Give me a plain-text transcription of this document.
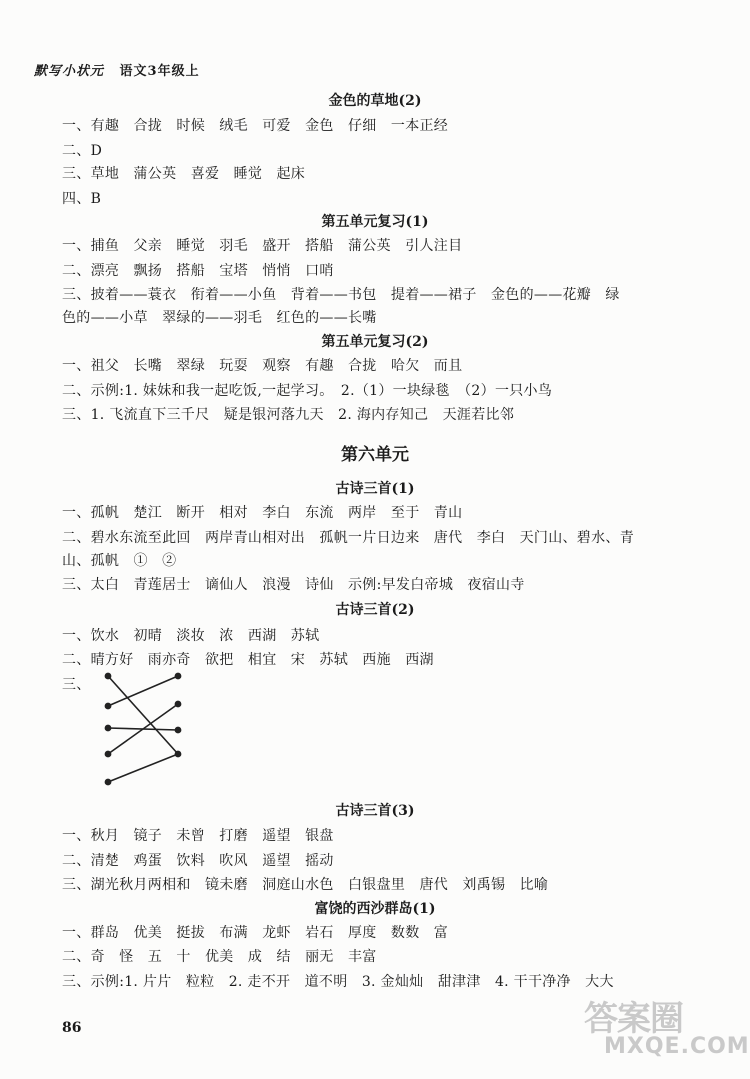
默写小状元 语文3年级上
金色的草地(2)
一、有趣　合拢　时候　绒毛　可爱　金色　仔细　一本正经
二、D
三、草地　蒲公英　喜爱　睡觉　起床
四、B
第五单元复习(1)
一、捕鱼　父亲　睡觉　羽毛　盛开　搭船　蒲公英　引人注目
二、漂亮　飘扬　搭船　宝塔　悄悄　口哨
三、披着——蓑衣　衔着——小鱼　背着——书包　提着——裙子　金色的——花瓣　绿
色的——小草　翠绿的——羽毛　红色的——长嘴
第五单元复习(2)
一、祖父　长嘴　翠绿　玩耍　观察　有趣　合拢　哈欠　而且
二、示例:1. 妹妹和我一起吃饭,一起学习。　2.（1）一块绿毯　（2）一只小鸟
三、1. 飞流直下三千尺　疑是银河落九天　2. 海内存知己　天涯若比邻
第六单元
古诗三首(1)
一、孤帆　楚江　断开　相对　李白　东流　两岸　至于　青山
二、碧水东流至此回　两岸青山相对出　孤帆一片日边来　唐代　李白　天门山、碧水、青
山、孤帆　①　②
三、太白　青莲居士　谪仙人　浪漫　诗仙　示例:早发白帝城　夜宿山寺
古诗三首(2)
一、饮水　初晴　淡妆　浓　西湖　苏轼
二、晴方好　雨亦奇　欲把　相宜　宋　苏轼　西施　西湖
三、
古诗三首(3)
一、秋月　镜子　未曾　打磨　遥望　银盘
二、清楚　鸡蛋　饮料　吹风　遥望　摇动
三、湖光秋月两相和　镜未磨　洞庭山水色　白银盘里　唐代　刘禹锡　比喻
富饶的西沙群岛(1)
一、群岛　优美　挺拔　布满　龙虾　岩石　厚度　数数　富
二、奇　怪　五　十　优美　成　结　丽无　丰富
三、示例:1. 片片　粒粒　2. 走不开　道不明　3. 金灿灿　甜津津　4. 干干净净　大大
86	答案圈
MXQE.COM
